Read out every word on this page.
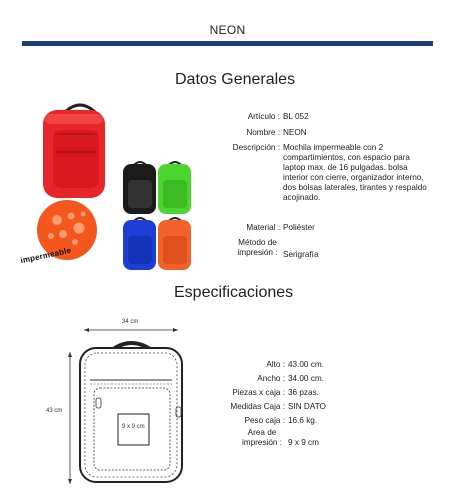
NEON
Datos Generales
impermeable
Artículo : BL 052
Nombre : NEON
Descripción : Mochila impermeable con 2 compartimientos, con espacio para laptop max. de 16 pulgadas. bolsa interior con cierre, organizador interno, dos bolsas laterales, tirantes y respaldo acojinado.
Material : Poliéster
Método de impresión : Serigrafía
Especificaciones
34 cm
43 cm
9 x 9 cm
Alto : 43.00 cm.
Ancho : 34.00 cm.
Piezas x caja : 36 pzas.
Medidas Caja : SIN DATO
Peso caja : 16.6 kg.
Area de impresión : 9 x 9 cm
